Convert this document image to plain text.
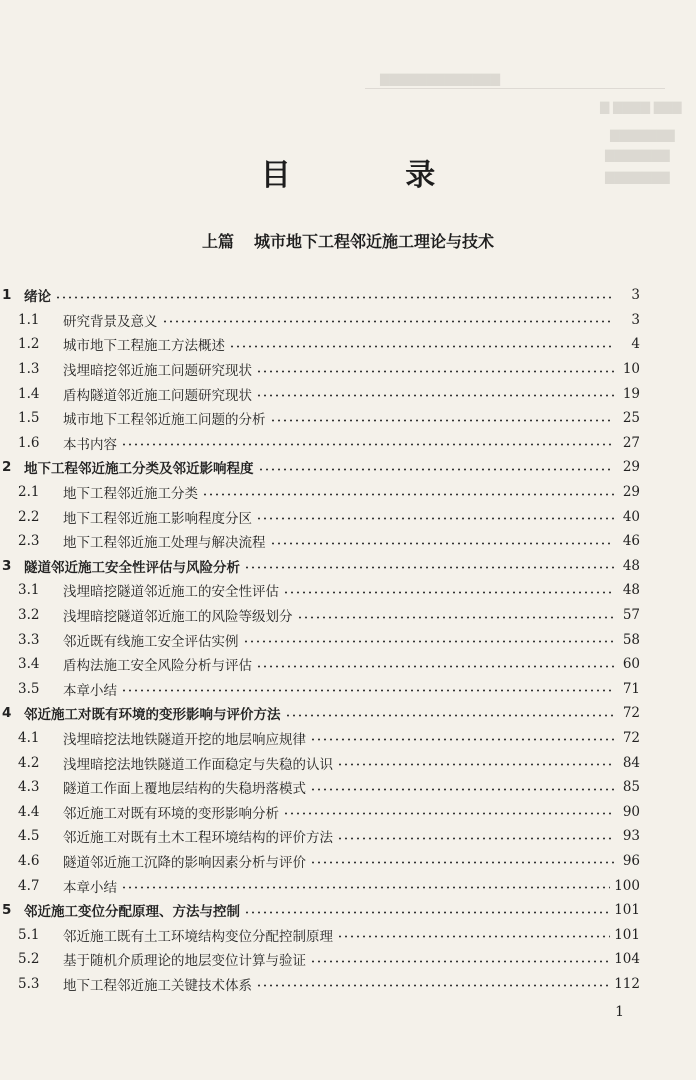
▇▇▇▇▇▇▇▇▇▇▇▇▇
▇ ▇▇▇▇ ▇▇▇
▇▇▇▇▇▇▇
▇▇▇▇▇▇▇
▇▇▇▇▇▇▇
目 录
上篇 城市地下工程邻近施工理论与技术
1 绪论	3
1.1	研究背景及意义	3
1.2	城市地下工程施工方法概述	4
1.3	浅埋暗挖邻近施工问题研究现状	10
1.4	盾构隧道邻近施工问题研究现状	19
1.5	城市地下工程邻近施工问题的分析	25
1.6	本书内容	27
2 地下工程邻近施工分类及邻近影响程度	29
2.1	地下工程邻近施工分类	29
2.2	地下工程邻近施工影响程度分区	40
2.3	地下工程邻近施工处理与解决流程	46
3 隧道邻近施工安全性评估与风险分析	48
3.1	浅埋暗挖隧道邻近施工的安全性评估	48
3.2	浅埋暗挖隧道邻近施工的风险等级划分	57
3.3	邻近既有线施工安全评估实例	58
3.4	盾构法施工安全风险分析与评估	60
3.5	本章小结	71
4 邻近施工对既有环境的变形影响与评价方法	72
4.1	浅埋暗挖法地铁隧道开挖的地层响应规律	72
4.2	浅埋暗挖法地铁隧道工作面稳定与失稳的认识	84
4.3	隧道工作面上覆地层结构的失稳坍落模式	85
4.4	邻近施工对既有环境的变形影响分析	90
4.5	邻近施工对既有土木工程环境结构的评价方法	93
4.6	隧道邻近施工沉降的影响因素分析与评价	96
4.7	本章小结	100
5 邻近施工变位分配原理、方法与控制	101
5.1	邻近施工既有土工环境结构变位分配控制原理	101
5.2	基于随机介质理论的地层变位计算与验证	104
5.3	地下工程邻近施工关键技术体系	112
1
